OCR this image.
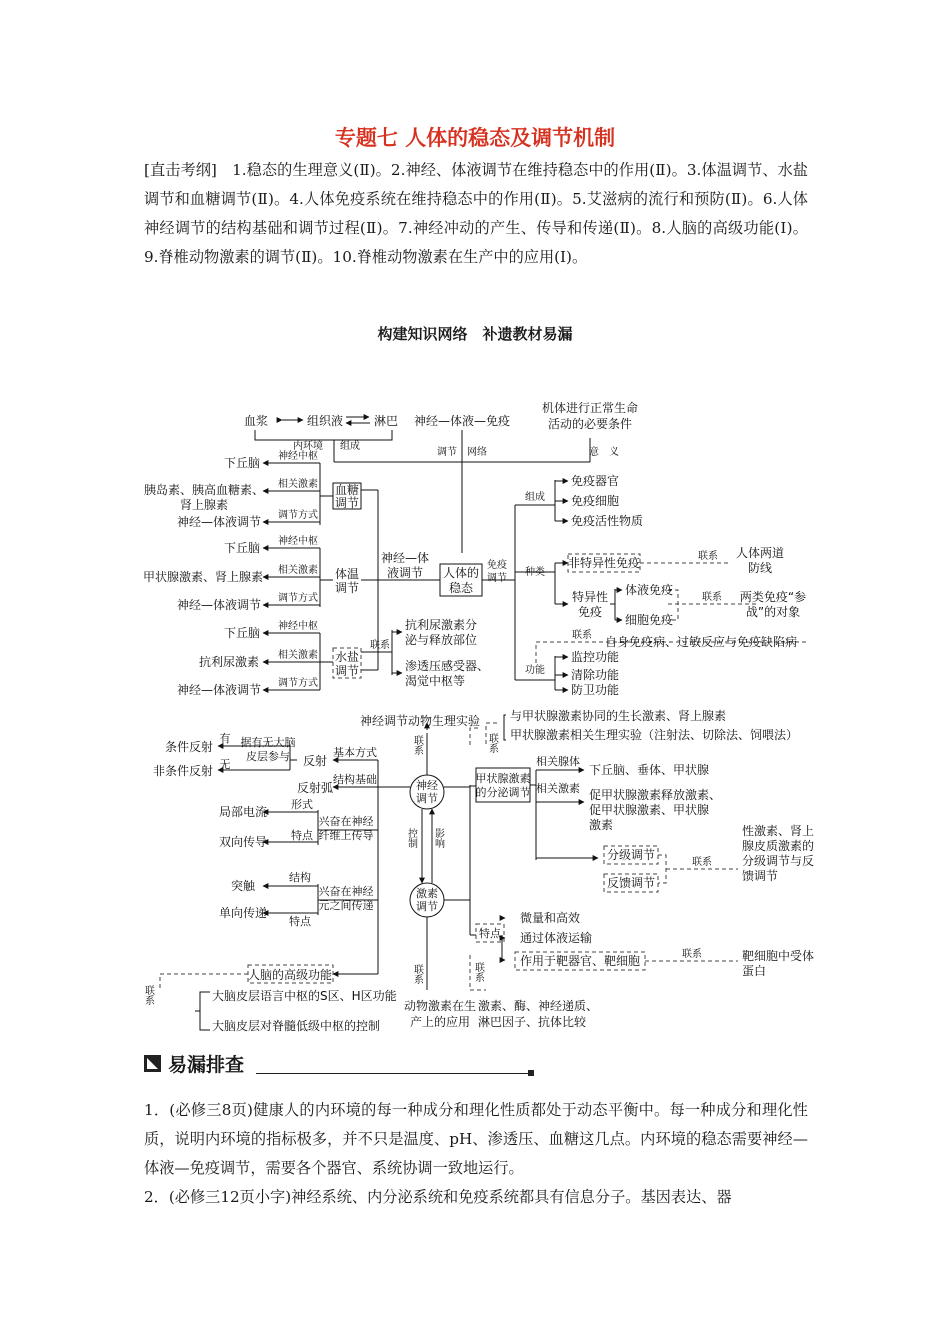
专题七 人体的稳态及调节机制
[直击考纲]　1.稳态的生理意义(Ⅱ)。2.神经、体液调节在维持稳态中的作用(Ⅱ)。3.体温调节、水盐调节和血糖调节(Ⅱ)。4.人体免疫系统在维持稳态中的作用(Ⅱ)。5.艾滋病的流行和预防(Ⅱ)。6.人体神经调节的结构基础和调节过程(Ⅱ)。7.神经冲动的产生、传导和传递(Ⅱ)。8.人脑的高级功能(Ⅰ)。9.脊椎动物激素的调节(Ⅱ)。10.脊椎动物激素在生产中的应用(Ⅰ)。
构建知识网络　补遗教材易漏
血浆	组织液	淋巴
内环境 组成
神经—体液—免疫
调节　网络
机体进行正常生命
活动的必要条件
意　义
人体的
稳态
神经—体
液调节
免疫
调节
下丘脑 神经中枢
胰岛素、胰高血糖素、
肾上腺素
相关激素 血糖
调节
神经—体液调节 调节方式
下丘脑 神经中枢
甲状腺激素、肾上腺素 相关激素 体温
调节
神经—体液调节 调节方式
下丘脑 神经中枢
抗利尿激素 相关激素 水盐
调节
神经—体液调节 调节方式
联系
抗利尿激素分
泌与释放部位
渗透压感受器、
渴觉中枢等
组成
免疫器官
免疫细胞
免疫活性物质
种类
非特异性免疫	联系 人体两道
防线
特异性
免疫
体液免疫
细胞免疫
联系 两类免疫“参
战”的对象
联系 自身免疫病、过敏反应与免疫缺陷病
功能
监控功能
清除功能
防卫功能
神经调节动物生理实验
联系
条件反射
非条件反射
有
无
据有无大脑
皮层参与 反射
基本方式
反射弧
结构基础	神经
调节
形式
局部电流
兴奋在神经
纤维上传导
特点
双向传导
结构
突触	兴奋在神经
元之间传递
特点
单向传递
人脑的高级功能
联系	大脑皮层语言中枢的S区、H区功能
大脑皮层对脊髓低级中枢的控制
控制 影响
激素
调节
联系
动物激素在生
产上的应用
与甲状腺激素协同的生长激素、肾上腺素
甲状腺激素相关生理实验（注射法、切除法、饲喂法）
联系
甲状腺激素
的分泌调节
相关腺体
下丘脑、垂体、甲状腺
相关激素 促甲状腺激素释放激素、
促甲状腺激素、甲状腺
激素
分级调节
反馈调节
联系
性激素、肾上
腺皮质激素的
分级调节与反
馈调节
特点
微量和高效
通过体液运输
作用于靶器官、靶细胞	联系	靶细胞中受体
蛋白
联系
激素、酶、神经递质、
淋巴因子、抗体比较
易漏排查
1．(必修三8页)健康人的内环境的每一种成分和理化性质都处于动态平衡中。每一种成分和理化性质，说明内环境的指标极多，并不只是温度、pH、渗透压、血糖这几点。内环境的稳态需要神经—体液—免疫调节，需要各个器官、系统协调一致地运行。
2．(必修三12页小字)神经系统、内分泌系统和免疫系统都具有信息分子。基因表达、器
